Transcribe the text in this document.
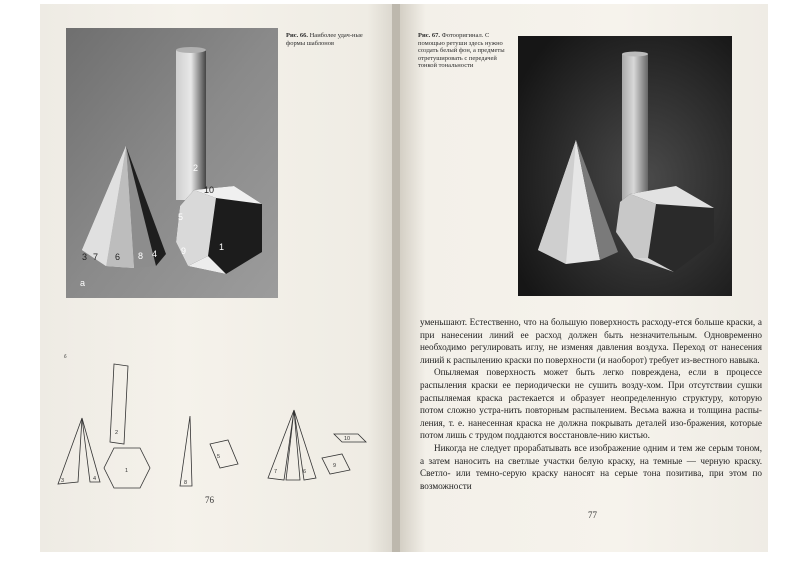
2
10
5
9	1
3 7 6 8 4
а
Рис. 66. Наиболее удач-ные формы шаблонов
б
3	4
2
1
8
5
7	6
10
9
76
Рис. 67. Фотооригинал. С помощью ретуши здесь нужно создать белый фон, а предметы отретушировать с передачей тонкой тональности

уменьшают. Естественно, что на большую поверхность расходу-ется больше краски, а при нанесении линий ее расход должен быть незначительным. Одновременно необходимо регулировать иглу, не изменяя давления воздуха. Переход от нанесения линий к распылению краски по поверхности (и наоборот) требует из-вестного навыка.

Опыляемая поверхность может быть легко повреждена, если в процессе распыления краски ее периодически не сушить возду-хом. При отсутствии сушки распыляемая краска растекается и образует неопределенную структуру, которую потом сложно устра-нить повторным распылением. Весьма важна и толщина распы-ления, т. е. нанесенная краска не должна покрывать деталей изо-бражения, которые потом лишь с трудом поддаются восстановле-нию кистью.

Никогда не следует прорабатывать все изображение одним и тем же серым тоном, а затем наносить на светлые участки белую краску, на темные — черную краску. Светло- или темно-серую краску наносят на серые тона позитива, при этом по возможности

77
